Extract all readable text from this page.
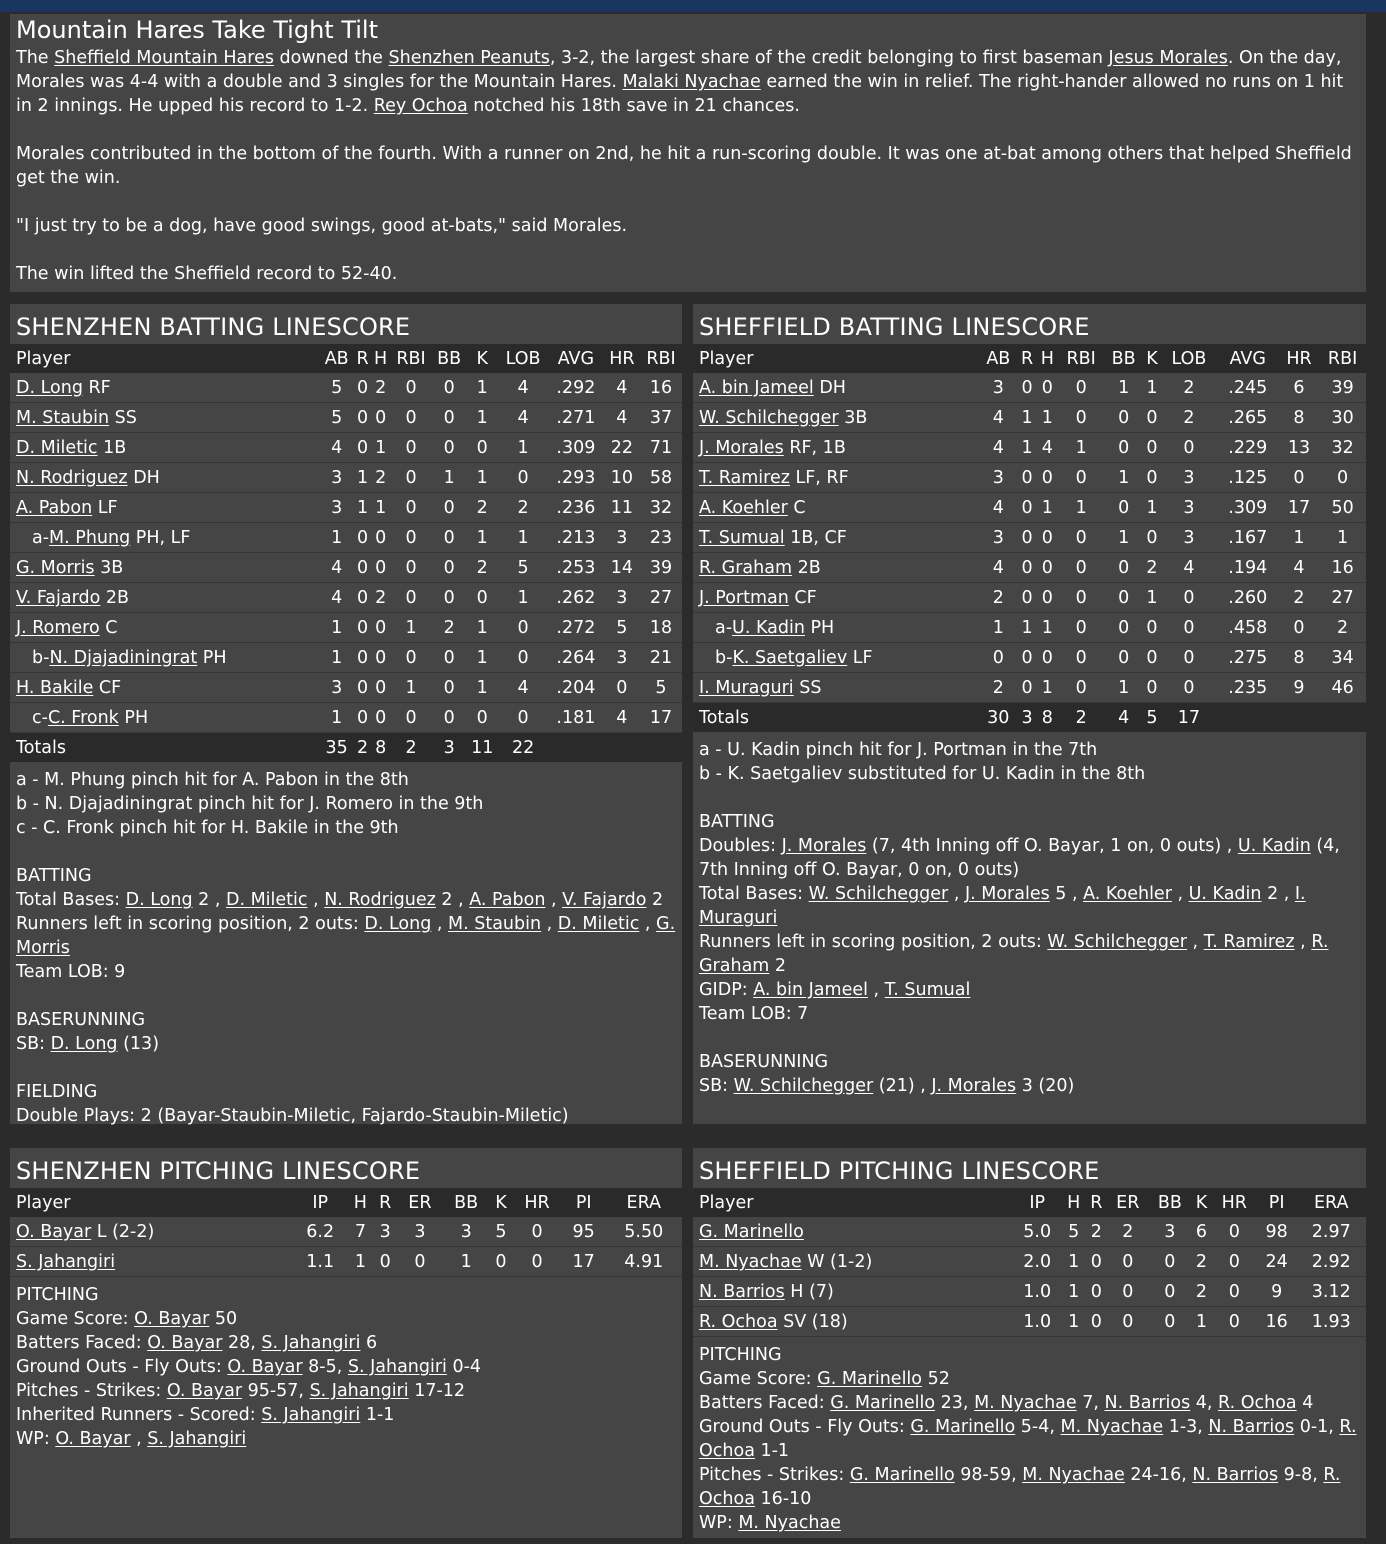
Mountain Hares Take Tight Tilt

The Sheffield Mountain Hares downed the Shenzhen Peanuts, 3-2, the largest share of the credit belonging to first baseman Jesus Morales. On the day, Morales was 4-4 with a double and 3 singles for the Mountain Hares. Malaki Nyachae earned the win in relief. The right-hander allowed no runs on 1 hit in 2 innings. He upped his record to 1-2. Rey Ochoa notched his 18th save in 21 chances.

Morales contributed in the bottom of the fourth. With a runner on 2nd, he hit a run-scoring double. It was one at-bat among others that helped Sheffield get the win.

"I just try to be a dog, have good swings, good at-bats," said Morales.

The win lifted the Sheffield record to 52-40.

SHENZHEN BATTING LINESCORE
Player	AB	R	H	RBI	BB	K	LOB	AVG	HR	RBI
D. Long RF	5	0	2	0	0	1	4	.292	4	16
M. Staubin SS	5	0	0	0	0	1	4	.271	4	37
D. Miletic 1B	4	0	1	0	0	0	1	.309	22	71
N. Rodriguez DH	3	1	2	0	1	1	0	.293	10	58
A. Pabon LF	3	1	1	0	0	2	2	.236	11	32
a-M. Phung PH, LF	1	0	0	0	0	1	1	.213	3	23
G. Morris 3B	4	0	0	0	0	2	5	.253	14	39
V. Fajardo 2B	4	0	2	0	0	0	1	.262	3	27
J. Romero C	1	0	0	1	2	1	0	.272	5	18
b-N. Djajadiningrat PH	1	0	0	0	0	1	0	.264	3	21
H. Bakile CF	3	0	0	1	0	1	4	.204	0	5
c-C. Fronk PH	1	0	0	0	0	0	0	.181	4	17
Totals	35	2	8	2	3	11	22			
a - M. Phung pinch hit for A. Pabon in the 8th
b - N. Djajadiningrat pinch hit for J. Romero in the 9th
c - C. Fronk pinch hit for H. Bakile in the 9th
BATTING
Total Bases: D. Long 2 , D. Miletic , N. Rodriguez 2 , A. Pabon , V. Fajardo 2
Runners left in scoring position, 2 outs: D. Long , M. Staubin , D. Miletic , G. Morris
Team LOB: 9
BASERUNNING
SB: D. Long (13)
FIELDING
Double Plays: 2 (Bayar-Staubin-Miletic, Fajardo-Staubin-Miletic)
SHEFFIELD BATTING LINESCORE
Player	AB	R	H	RBI	BB	K	LOB	AVG	HR	RBI
A. bin Jameel DH	3	0	0	0	1	1	2	.245	6	39
W. Schilchegger 3B	4	1	1	0	0	0	2	.265	8	30
J. Morales RF, 1B	4	1	4	1	0	0	0	.229	13	32
T. Ramirez LF, RF	3	0	0	0	1	0	3	.125	0	0
A. Koehler C	4	0	1	1	0	1	3	.309	17	50
T. Sumual 1B, CF	3	0	0	0	1	0	3	.167	1	1
R. Graham 2B	4	0	0	0	0	2	4	.194	4	16
J. Portman CF	2	0	0	0	0	1	0	.260	2	27
a-U. Kadin PH	1	1	1	0	0	0	0	.458	0	2
b-K. Saetgaliev LF	0	0	0	0	0	0	0	.275	8	34
I. Muraguri SS	2	0	1	0	1	0	0	.235	9	46
Totals	30	3	8	2	4	5	17			
a - U. Kadin pinch hit for J. Portman in the 7th
b - K. Saetgaliev substituted for U. Kadin in the 8th
BATTING
Doubles: J. Morales (7, 4th Inning off O. Bayar, 1 on, 0 outs) , U. Kadin (4, 7th Inning off O. Bayar, 0 on, 0 outs)
Total Bases: W. Schilchegger , J. Morales 5 , A. Koehler , U. Kadin 2 , I. Muraguri
Runners left in scoring position, 2 outs: W. Schilchegger , T. Ramirez , R. Graham 2
GIDP: A. bin Jameel , T. Sumual
Team LOB: 7
BASERUNNING
SB: W. Schilchegger (21) , J. Morales 3 (20)
SHENZHEN PITCHING LINESCORE
Player	IP	H	R	ER	BB	K	HR	PI	ERA
O. Bayar L (2-2)	6.2	7	3	3	3	5	0	95	5.50
S. Jahangiri	1.1	1	0	0	1	0	0	17	4.91
PITCHING
Game Score: O. Bayar 50
Batters Faced: O. Bayar 28, S. Jahangiri 6
Ground Outs - Fly Outs: O. Bayar 8-5, S. Jahangiri 0-4
Pitches - Strikes: O. Bayar 95-57, S. Jahangiri 17-12
Inherited Runners - Scored: S. Jahangiri 1-1
WP: O. Bayar , S. Jahangiri
SHEFFIELD PITCHING LINESCORE
Player	IP	H	R	ER	BB	K	HR	PI	ERA
G. Marinello	5.0	5	2	2	3	6	0	98	2.97
M. Nyachae W (1-2)	2.0	1	0	0	0	2	0	24	2.92
N. Barrios H (7)	1.0	1	0	0	0	2	0	9	3.12
R. Ochoa SV (18)	1.0	1	0	0	0	1	0	16	1.93
PITCHING
Game Score: G. Marinello 52
Batters Faced: G. Marinello 23, M. Nyachae 7, N. Barrios 4, R. Ochoa 4
Ground Outs - Fly Outs: G. Marinello 5-4, M. Nyachae 1-3, N. Barrios 0-1, R. Ochoa 1-1
Pitches - Strikes: G. Marinello 98-59, M. Nyachae 24-16, N. Barrios 9-8, R. Ochoa 16-10
WP: M. Nyachae
